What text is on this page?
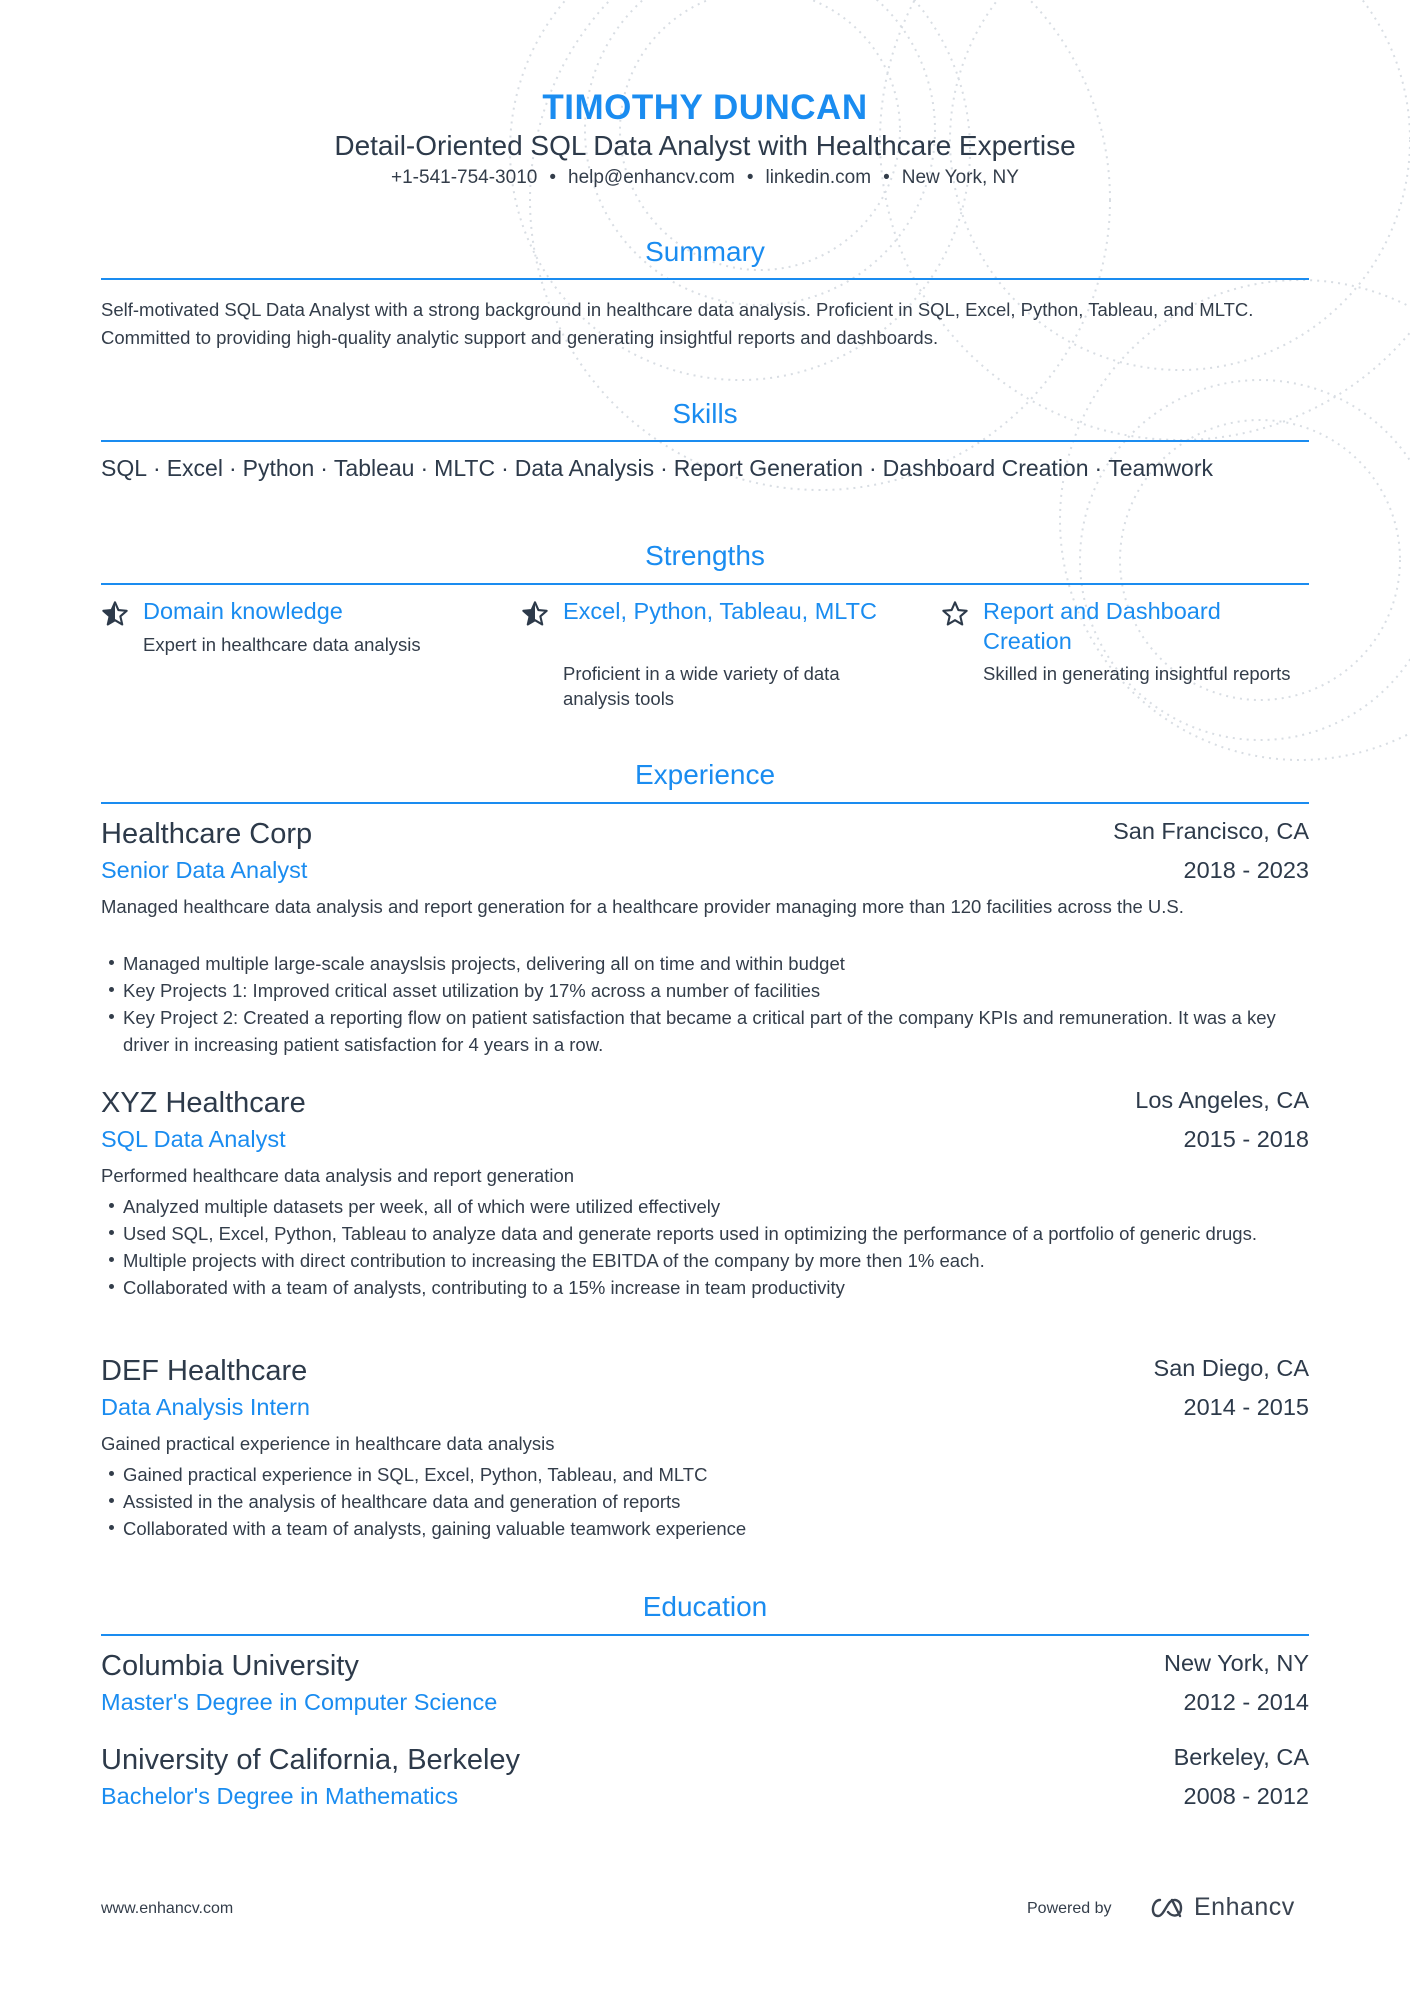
TIMOTHY DUNCAN
Detail-Oriented SQL Data Analyst with Healthcare Expertise
+1-541-754-3010 • help@enhancv.com • linkedin.com • New York, NY
Summary
Self-motivated SQL Data Analyst with a strong background in healthcare data analysis. Proficient in SQL, Excel, Python, Tableau, and MLTC. Committed to providing high-quality analytic support and generating insightful reports and dashboards.
Skills
SQL · Excel · Python · Tableau · MLTC · Data Analysis · Report Generation · Dashboard Creation · Teamwork
Strengths
Domain knowledge
Expert in healthcare data analysis
Excel, Python, Tableau, MLTC
Proficient in a wide variety of data analysis tools
Report and Dashboard Creation
Skilled in generating insightful reports
Experience
Healthcare Corp	San Francisco, CA
Senior Data Analyst	2018 - 2023
Managed healthcare data analysis and report generation for a healthcare provider managing more than 120 facilities across the U.S.
Managed multiple large-scale anayslsis projects, delivering all on time and within budget
Key Projects 1: Improved critical asset utilization by 17% across a number of facilities
Key Project 2: Created a reporting flow on patient satisfaction that became a critical part of the company KPIs and remuneration. It was a key driver in increasing patient satisfaction for 4 years in a row.
XYZ Healthcare	Los Angeles, CA
SQL Data Analyst	2015 - 2018
Performed healthcare data analysis and report generation
Analyzed multiple datasets per week, all of which were utilized effectively
Used SQL, Excel, Python, Tableau to analyze data and generate reports used in optimizing the performance of a portfolio of generic drugs.
Multiple projects with direct contribution to increasing the EBITDA of the company by more then 1% each.
Collaborated with a team of analysts, contributing to a 15% increase in team productivity
DEF Healthcare	San Diego, CA
Data Analysis Intern	2014 - 2015
Gained practical experience in healthcare data analysis
Gained practical experience in SQL, Excel, Python, Tableau, and MLTC
Assisted in the analysis of healthcare data and generation of reports
Collaborated with a team of analysts, gaining valuable teamwork experience
Education
Columbia University	New York, NY
Master's Degree in Computer Science	2012 - 2014
University of California, Berkeley	Berkeley, CA
Bachelor's Degree in Mathematics	2008 - 2012
www.enhancv.com	Powered by	Enhancv
